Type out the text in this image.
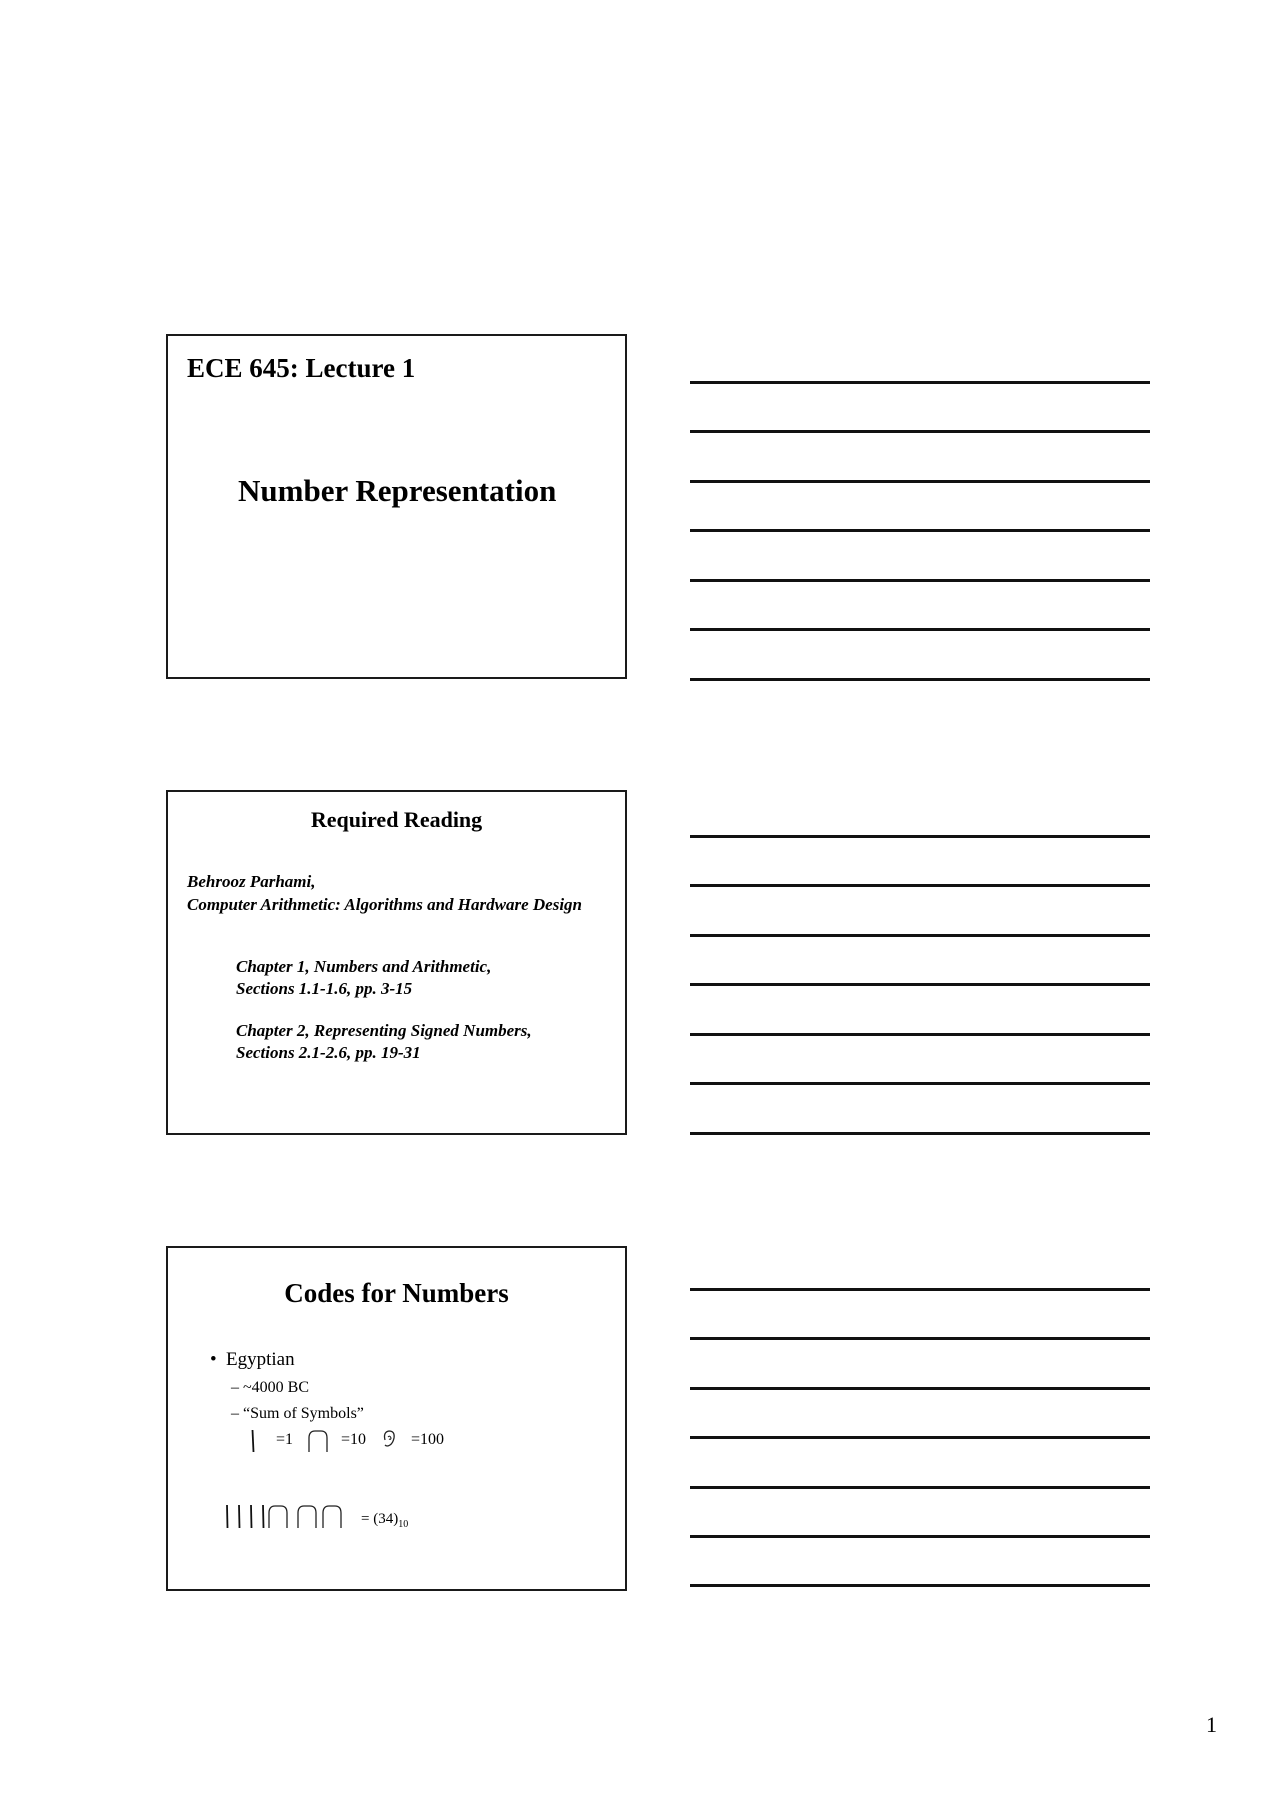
ECE 645: Lecture 1
Number Representation
Required Reading
Behrooz Parhami,
Computer Arithmetic: Algorithms and Hardware Design
Chapter 1, Numbers and Arithmetic,
Sections 1.1-1.6, pp. 3-15
Chapter 2, Representing Signed Numbers,
Sections 2.1-2.6, pp. 19-31
Codes for Numbers
• Egyptian
– ~4000 BC
– “Sum of Symbols”
=1	=10	=100
= $(34)_{10}$
1
